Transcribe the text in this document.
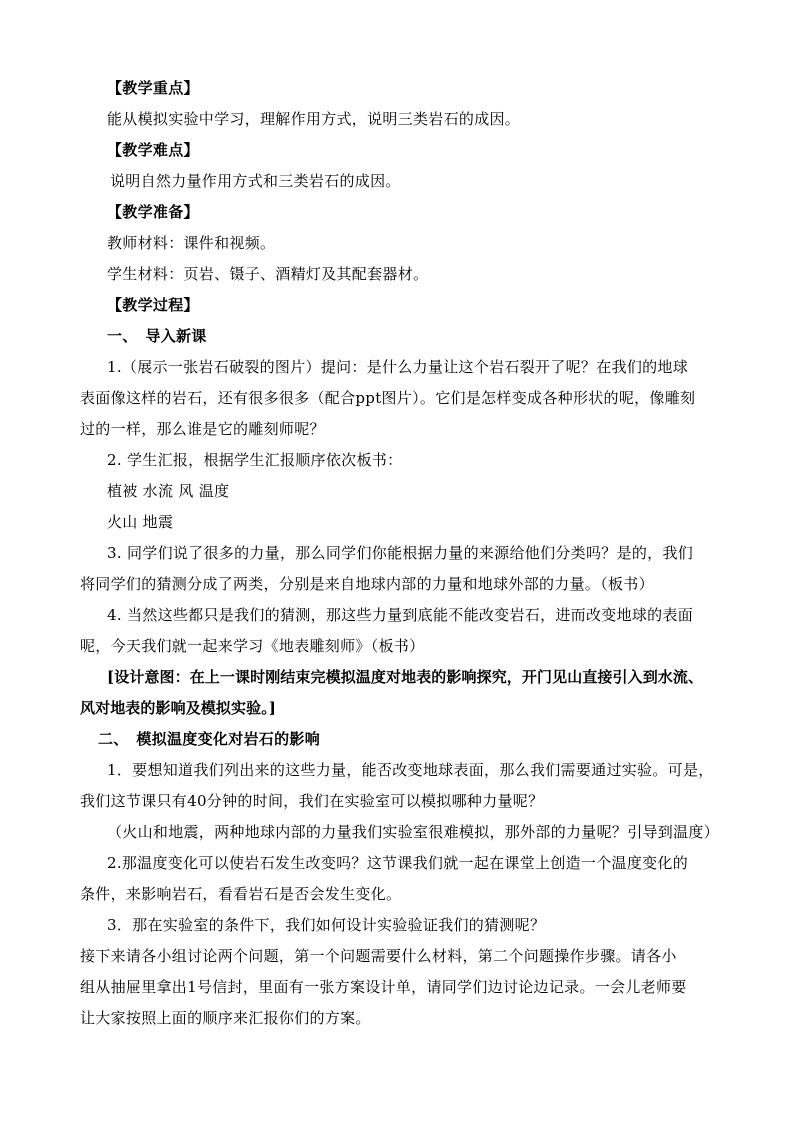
【教学重点】
能从模拟实验中学习，理解作用方式，说明三类岩石的成因。
【教学难点】
说明自然力量作用方式和三类岩石的成因。
【教学准备】
教师材料：课件和视频。
学生材料：页岩、镊子、酒精灯及其配套器材。
【教学过程】
一、　导入新课
1.（展示一张岩石破裂的图片）提问：是什么力量让这个岩石裂开了呢？在我们的地球
表面像这样的岩石，还有很多很多（配合ppt图片）。它们是怎样变成各种形状的呢，像雕刻
过的一样，那么谁是它的雕刻师呢？
2. 学生汇报，根据学生汇报顺序依次板书：
植被 水流 风 温度
火山 地震
3. 同学们说了很多的力量，那么同学们你能根据力量的来源给他们分类吗？是的，我们
将同学们的猜测分成了两类，分别是来自地球内部的力量和地球外部的力量。（板书）
4. 当然这些都只是我们的猜测，那这些力量到底能不能改变岩石，进而改变地球的表面
呢，今天我们就一起来学习《地表雕刻师》（板书）
[设计意图：在上一课时刚结束完模拟温度对地表的影响探究，开门见山直接引入到水流、
风对地表的影响及模拟实验。]
二、　模拟温度变化对岩石的影响
1．要想知道我们列出来的这些力量，能否改变地球表面，那么我们需要通过实验。可是，
我们这节课只有40分钟的时间，我们在实验室可以模拟哪种力量呢？
（火山和地震，两种地球内部的力量我们实验室很难模拟，那外部的力量呢？引导到温度）
2.那温度变化可以使岩石发生改变吗？这节课我们就一起在课堂上创造一个温度变化的
条件，来影响岩石，看看岩石是否会发生变化。
3．那在实验室的条件下，我们如何设计实验验证我们的猜测呢？
接下来请各小组讨论两个问题，第一个问题需要什么材料，第二个问题操作步骤。请各小
组从抽屉里拿出1号信封，里面有一张方案设计单，请同学们边讨论边记录。一会儿老师要
让大家按照上面的顺序来汇报你们的方案。
